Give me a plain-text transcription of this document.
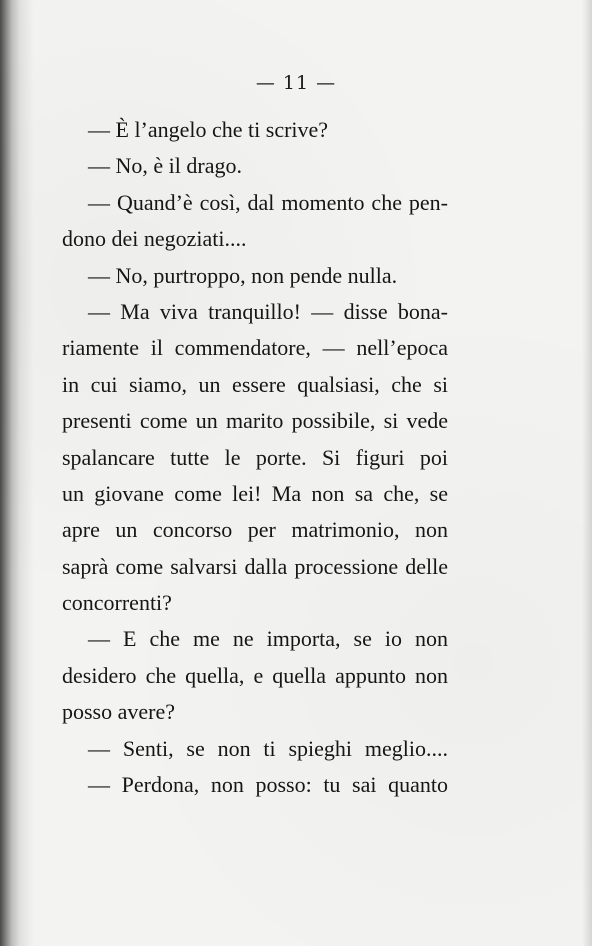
— 11 —
— È l’angelo che ti scrive?
— No, è il drago.
— Quand’è così, dal momento che pen-
dono dei negoziati....
— No, purtroppo, non pende nulla.
— Ma viva tranquillo! — disse bona-
riamente il commendatore, — nell’epoca
in cui siamo, un essere qualsiasi, che si
presenti come un marito possibile, si vede
spalancare tutte le porte. Si figuri poi
un giovane come lei! Ma non sa che, se
apre un concorso per matrimonio, non
saprà come salvarsi dalla processione delle
concorrenti?
— E che me ne importa, se io non
desidero che quella, e quella appunto non
posso avere?
— Senti, se non ti spieghi meglio....
— Perdona, non posso: tu sai quanto
